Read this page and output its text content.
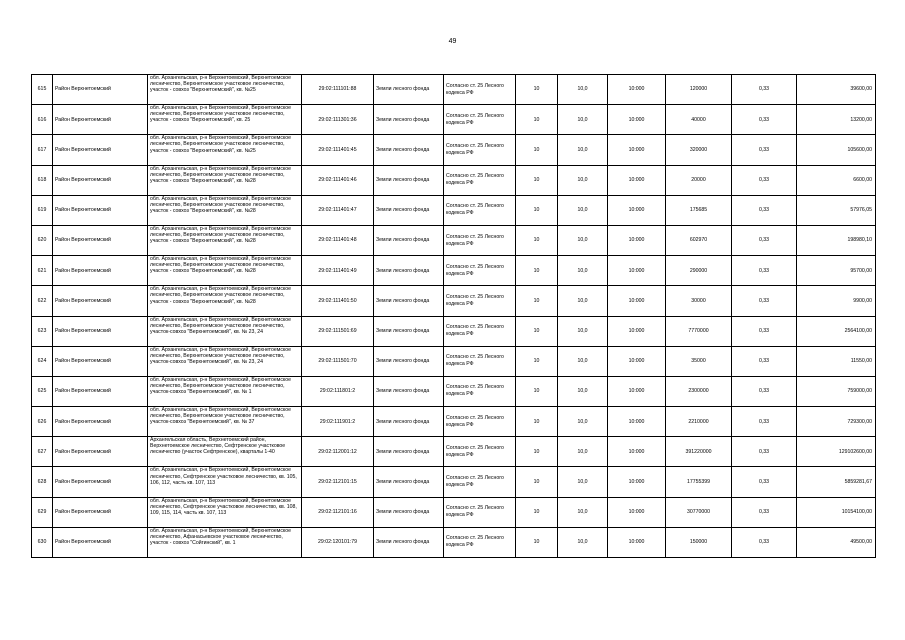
49
615	Район Верхнетоемский	обл. Архангельская, р-н Верхнетоемский, Верхнетоемское лесничество, Верхнетоемское участковое лесничество, участок - совхоз "Верхнетоемский", кв. №25	29:02:111101:88	Земли лесного фонда	Согласно ст. 25 Лесного кодекса РФ	10	10,0	10:000	120000	0,33	39600,00
616	Район Верхнетоемский	обл. Архангельская, р-н Верхнетоемский, Верхнетоемское лесничество, Верхнетоемское участковое лесничество, участок - совхоз "Верхнетоемский", кв. 25	29:02:111301:36	Земли лесного фонда	Согласно ст. 25 Лесного кодекса РФ	10	10,0	10:000	40000	0,33	13200,00
617	Район Верхнетоемский	обл. Архангельская, р-н Верхнетоемский, Верхнетоемское лесничество, Верхнетоемское участковое лесничество, участок - совхоз "Верхнетоемский", кв. №25	29:02:111401:45	Земли лесного фонда	Согласно ст. 25 Лесного кодекса РФ	10	10,0	10:000	320000	0,33	105600,00
618	Район Верхнетоемский	обл. Архангельская, р-н Верхнетоемский, Верхнетоемское лесничество, Верхнетоемское участковое лесничество, участок - совхоз "Верхнетоемский", кв. №28	29:02:111401:46	Земли лесного фонда	Согласно ст. 25 Лесного кодекса РФ	10	10,0	10:000	20000	0,33	6600,00
619	Район Верхнетоемский	обл. Архангельская, р-н Верхнетоемский, Верхнетоемское лесничество, Верхнетоемское участковое лесничество, участок - совхоз "Верхнетоемский", кв. №28	29:02:111401:47	Земли лесного фонда	Согласно ст. 25 Лесного кодекса РФ	10	10,0	10:000	175685	0,33	57976,05
620	Район Верхнетоемский	обл. Архангельская, р-н Верхнетоемский, Верхнетоемское лесничество, Верхнетоемское участковое лесничество, участок - совхоз "Верхнетоемский", кв. №28	29:02:111401:48	Земли лесного фонда	Согласно ст. 25 Лесного кодекса РФ	10	10,0	10:000	602970	0,33	198980,10
621	Район Верхнетоемский	обл. Архангельская, р-н Верхнетоемский, Верхнетоемское лесничество, Верхнетоемское участковое лесничество, участок - совхоз "Верхнетоемский", кв. №28	29:02:111401:49	Земли лесного фонда	Согласно ст. 25 Лесного кодекса РФ	10	10,0	10:000	290000	0,33	95700,00
622	Район Верхнетоемский	обл. Архангельская, р-н Верхнетоемский, Верхнетоемское лесничество, Верхнетоемское участковое лесничество, участок - совхоз "Верхнетоемский", кв. №28	29:02:111401:50	Земли лесного фонда	Согласно ст. 25 Лесного кодекса РФ	10	10,0	10:000	30000	0,33	9900,00
623	Район Верхнетоемский	обл. Архангельская, р-н Верхнетоемский, Верхнетоемское лесничество, Верхнетоемское участковое лесничество, участок-совхоз "Верхнетоемский", кв. № 23, 24	29:02:111501:69	Земли лесного фонда	Согласно ст. 25 Лесного кодекса РФ	10	10,0	10:000	7770000	0,33	2564100,00
624	Район Верхнетоемский	обл. Архангельская, р-н Верхнетоемский, Верхнетоемское лесничество, Верхнетоемское участковое лесничество, участок-совхоз "Верхнетоемский", кв. № 23, 24	29:02:111501:70	Земли лесного фонда	Согласно ст. 25 Лесного кодекса РФ	10	10,0	10:000	35000	0,33	11550,00
625	Район Верхнетоемский	обл. Архангельская, р-н Верхнетоемский, Верхнетоемское лесничество, Верхнетоемское участковое лесничество, участок-совхоз "Верхнетоемский", кв. № 1	29:02:111801:2	Земли лесного фонда	Согласно ст. 25 Лесного кодекса РФ	10	10,0	10:000	2300000	0,33	759000,00
626	Район Верхнетоемский	обл. Архангельская, р-н Верхнетоемский, Верхнетоемское лесничество, Верхнетоемское участковое лесничество, участок-совхоз "Верхнетоемский", кв. № 37	29:02:111901:2	Земли лесного фонда	Согласно ст. 25 Лесного кодекса РФ	10	10,0	10:000	2210000	0,33	729300,00
627	Район Верхнетоемский	Архангельская область, Верхнетоемский район, Верхнетоемское лесничество, Сефтренское участковое лесничество (участок Сефтренское), кварталы 1-40	29:02:112001:12	Земли лесного фонда	Согласно ст. 25 Лесного кодекса РФ	10	10,0	10:000	391220000	0,33	129102600,00
628	Район Верхнетоемский	обл. Архангельская, р-н Верхнетоемский, Верхнетоемское лесничество, Сефтренское участковое лесничество, кв. 105, 106, 112, часть кв. 107, 113	29:02:112101:15	Земли лесного фонда	Согласно ст. 25 Лесного кодекса РФ	10	10,0	10:000	17755399	0,33	5859281,67
629	Район Верхнетоемский	обл. Архангельская, р-н Верхнетоемский, Верхнетоемское лесничество, Сефтренское участковое лесничество, кв. 108, 109, 115, 114, часть кв. 107, 113	29:02:112101:16	Земли лесного фонда	Согласно ст. 25 Лесного кодекса РФ	10	10,0	10:000	30770000	0,33	10154100,00
630	Район Верхнетоемский	обл. Архангельская, р-н Верхнетоемский, Верхнетоемское лесничество, Афанасьевское участковое лесничество, участок - совхоз "Сойгинский", кв. 1	29:02:120101:79	Земли лесного фонда	Согласно ст. 25 Лесного кодекса РФ	10	10,0	10:000	150000	0,33	49500,00
